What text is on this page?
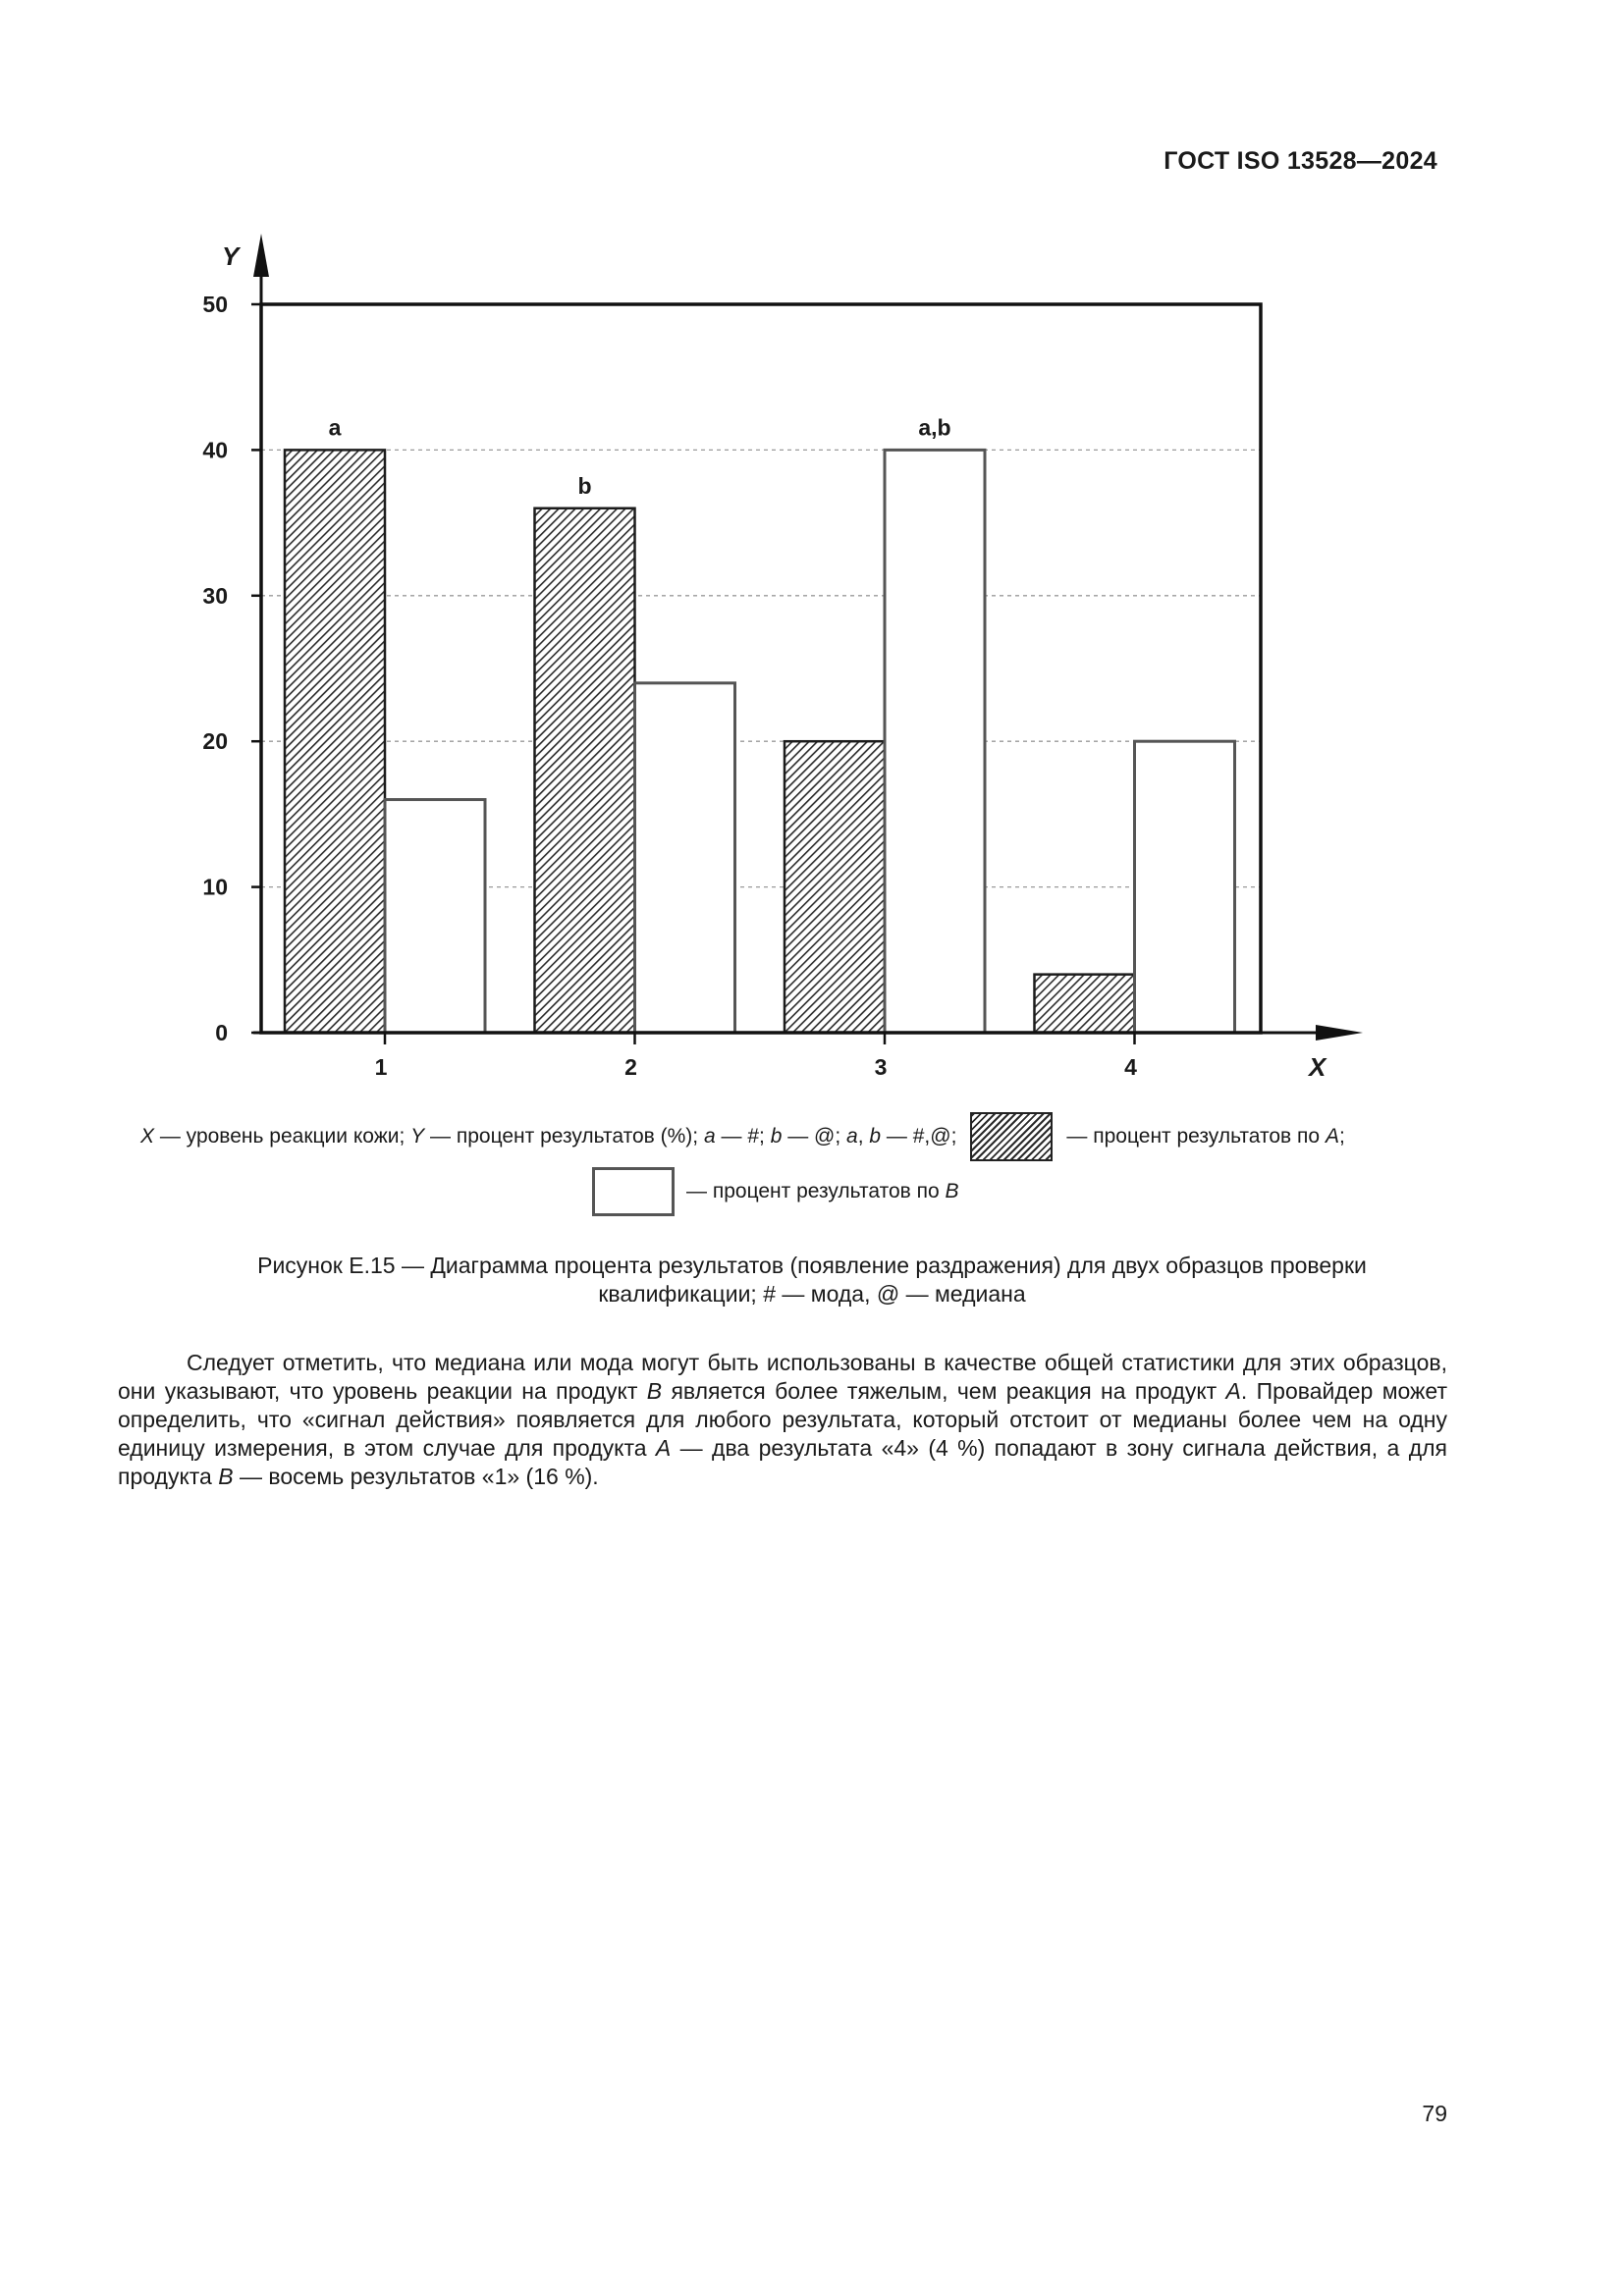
ГОСТ ISO 13528—2024
0
10
20
30
40
50
1	2	3	4
Y
X
a
b
a,b
X — уровень реакции кожи; Y — процент результатов (%); a — #; b — @; a, b — #,@;	— процент результатов по A;
— процент результатов по B
Рисунок Е.15 — Диаграмма процента результатов (появление раздражения) для двух образцов проверки
квалификации; # — мода, @ — медиана

Следует отметить, что медиана или мода могут быть использованы в качестве общей статистики для этих образцов, они указывают, что уровень реакции на продукт B является более тяжелым, чем реакция на продукт A. Провайдер может определить, что «сигнал действия» появляется для любого результата, который отстоит от медианы более чем на одну единицу измерения, в этом случае для продукта A — два результата «4» (4 %) попадают в зону сигнала действия, а для продукта B — восемь результатов «1» (16 %).

79
